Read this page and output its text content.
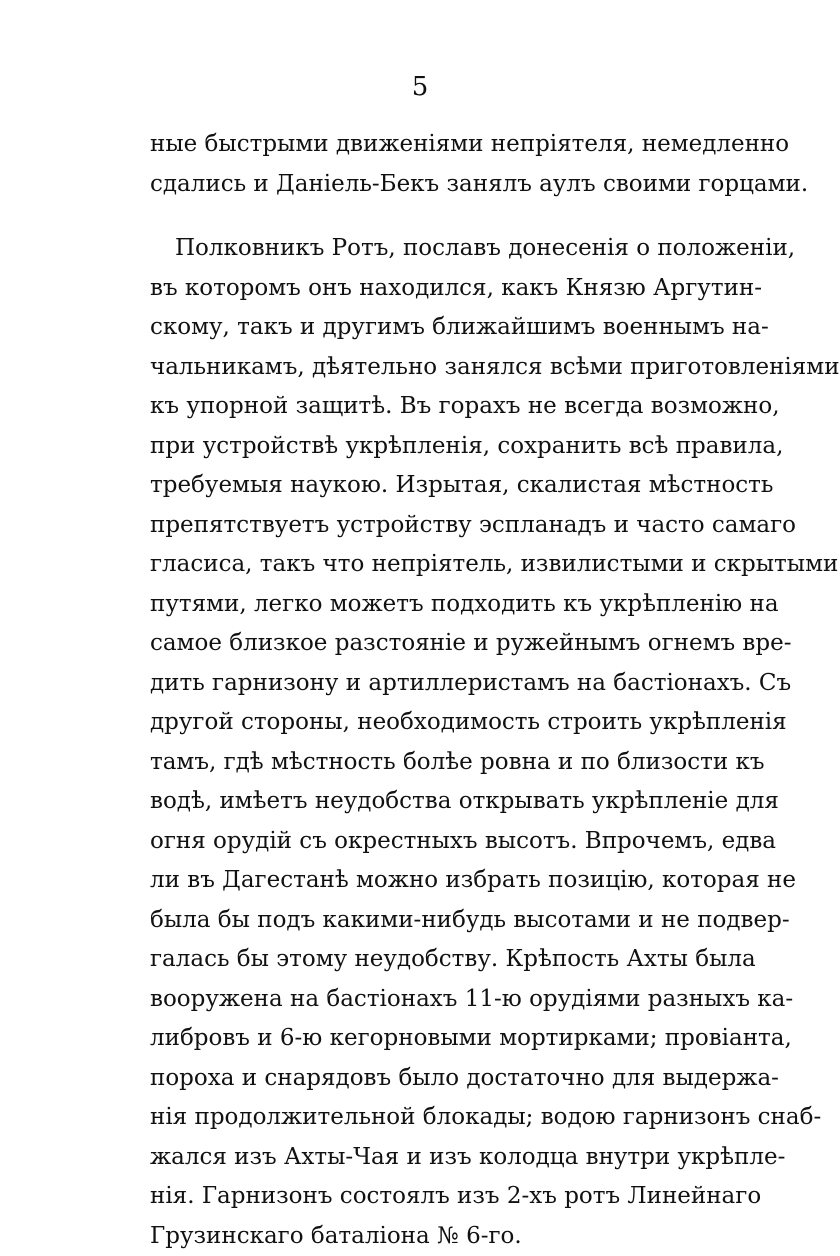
5
ные быстрыми движеніями непріятеля, немедленно
сдались и Даніель-Бекъ занялъ аулъ своими горцами.
Полковникъ Ротъ, пославъ донесенія о положеніи,
въ которомъ онъ находился, какъ Князю Аргутин-
скому, такъ и другимъ ближайшимъ военнымъ на-
чальникамъ, дѣятельно занялся всѣми приготовленіями
къ упорной защитѣ. Въ горахъ не всегда возможно,
при устройствѣ укрѣпленія, сохранить всѣ правила,
требуемыя наукою. Изрытая, скалистая мѣстность
препятствуетъ устройству эспланадъ и часто самаго
гласиса, такъ что непріятель, извилистыми и скрытыми
путями, легко можетъ подходить къ укрѣпленію на
самое близкое разстояніе и ружейнымъ огнемъ вре-
дить гарнизону и артиллеристамъ на бастіонахъ. Съ
другой стороны, необходимость строить укрѣпленія
тамъ, гдѣ мѣстность болѣе ровна и по близости къ
водѣ, имѣетъ неудобства открывать укрѣпленіе для
огня орудій съ окрестныхъ высотъ. Впрочемъ, едва
ли въ Дагестанѣ можно избрать позицію, которая не
была бы подъ какими-нибудь высотами и не подвер-
галась бы этому неудобству. Крѣпость Ахты была
вооружена на бастіонахъ 11-ю орудіями разныхъ ка-
либровъ и 6-ю кегорновыми мортирками; провіанта,
пороха и снарядовъ было достаточно для выдержа-
нія продолжительной блокады; водою гарнизонъ снаб-
жался изъ Ахты-Чая и изъ колодца внутри укрѣпле-
нія. Гарнизонъ состоялъ изъ 2-хъ ротъ Линейнаго
Грузинскаго баталіона № 6-го.
